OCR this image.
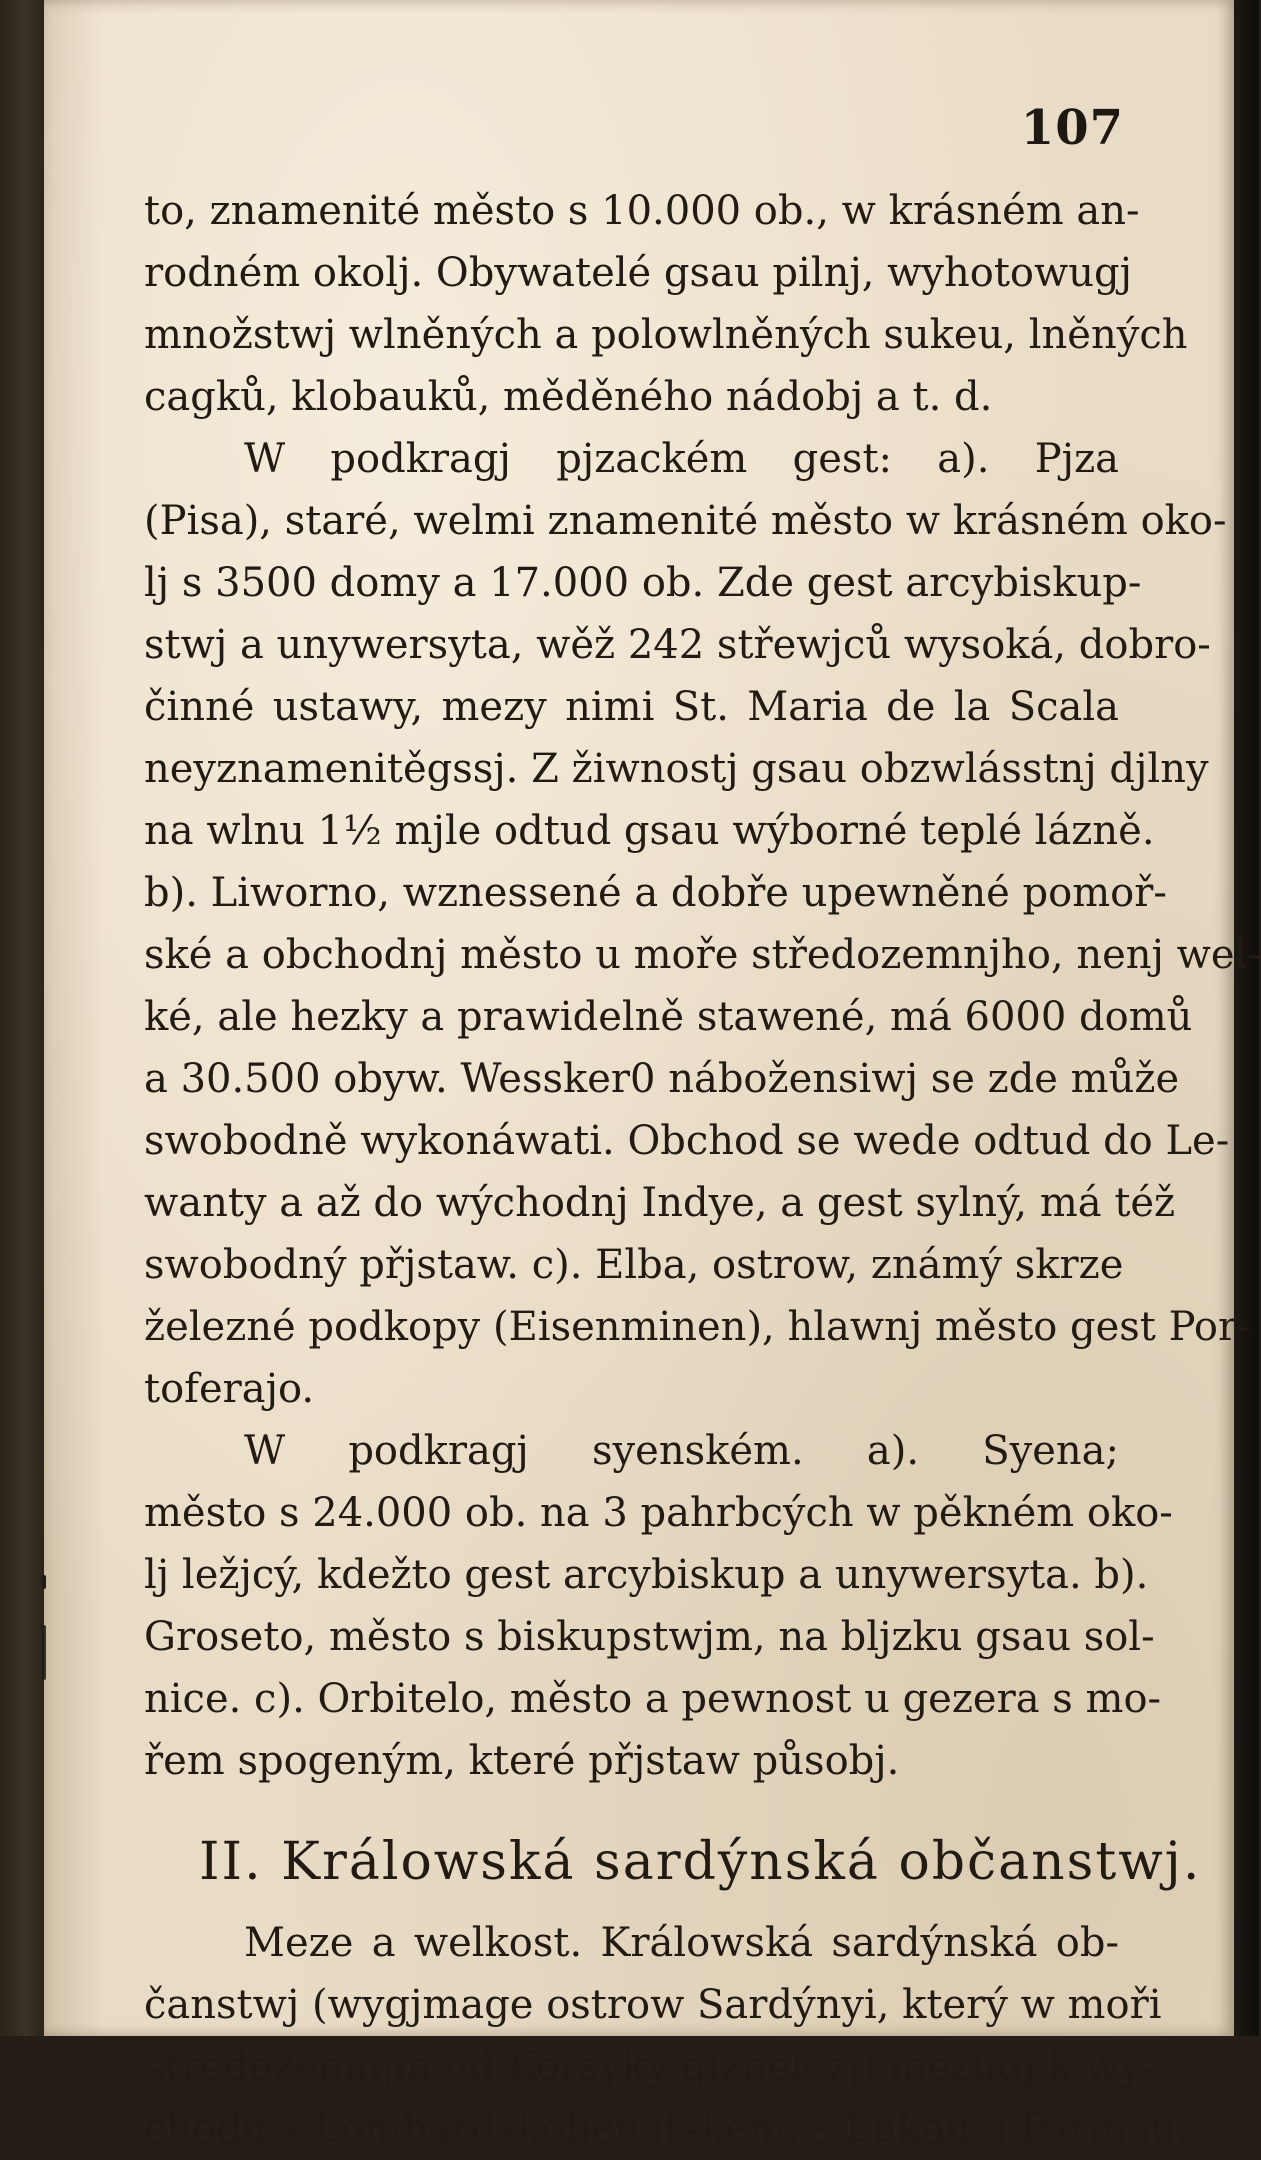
107
to, znamenité město s 10.000 ob., w krásném an-
rodném okolj. Obywatelé gsau pilnj, wyhotowugj
množstwj wlněných a polowlněných sukeu, lněných
cagků, klobauků, měděného nádobj a t. d.
W podkragj pjzackém gest: a). Pjza
(Pisa), staré, welmi znamenité město w krásném oko-
lj s 3500 domy a 17.000 ob. Zde gest arcybiskup-
stwj a unywersyta, wěž 242 střewjců wysoká, dobro-
činné ustawy, mezy nimi St. Maria de la Scala
neyznamenitěgssj. Z žiwnostj gsau obzwlásstnj djlny
na wlnu 1½ mjle odtud gsau wýborné teplé lázně.
b). Liworno, wznessené a dobře upewněné pomoř-
ské a obchodnj město u moře středozemnjho, nenj wel-
ké, ale hezky a prawidelně stawené, má 6000 domů
a 30.500 obyw. Wessker0 nábožensiwj se zde může
swobodně wykonáwati. Obchod se wede odtud do Le-
wanty a až do wýchodnj Indye, a gest sylný, má též
swobodný přjstaw. c). Elba, ostrow, známý skrze
železné podkopy (Eisenminen), hlawnj město gest Por-
toferajo.
W podkragj syenském. a). Syena;
město s 24.000 ob. na 3 pahrbcých w pěkném oko-
lj ležjcý, kdežto gest arcybiskup a unywersyta. b).
Groseto, město s biskupstwjm, na bljzku gsau sol-
nice. c). Orbitelo, město a pewnost u gezera s mo-
řem spogeným, které přjstaw působj.
II. Králowská sardýnská občanstwj.
Meze a welkost. Králowská sardýnská ob-
čanstwj (wygjmage ostrow Sardýnyi, který w moři
středozemnjm od Korsyky gižněležj) mezugj k wý-
chodu s Lombardskobenátskem, s Lukau a Parmau;
